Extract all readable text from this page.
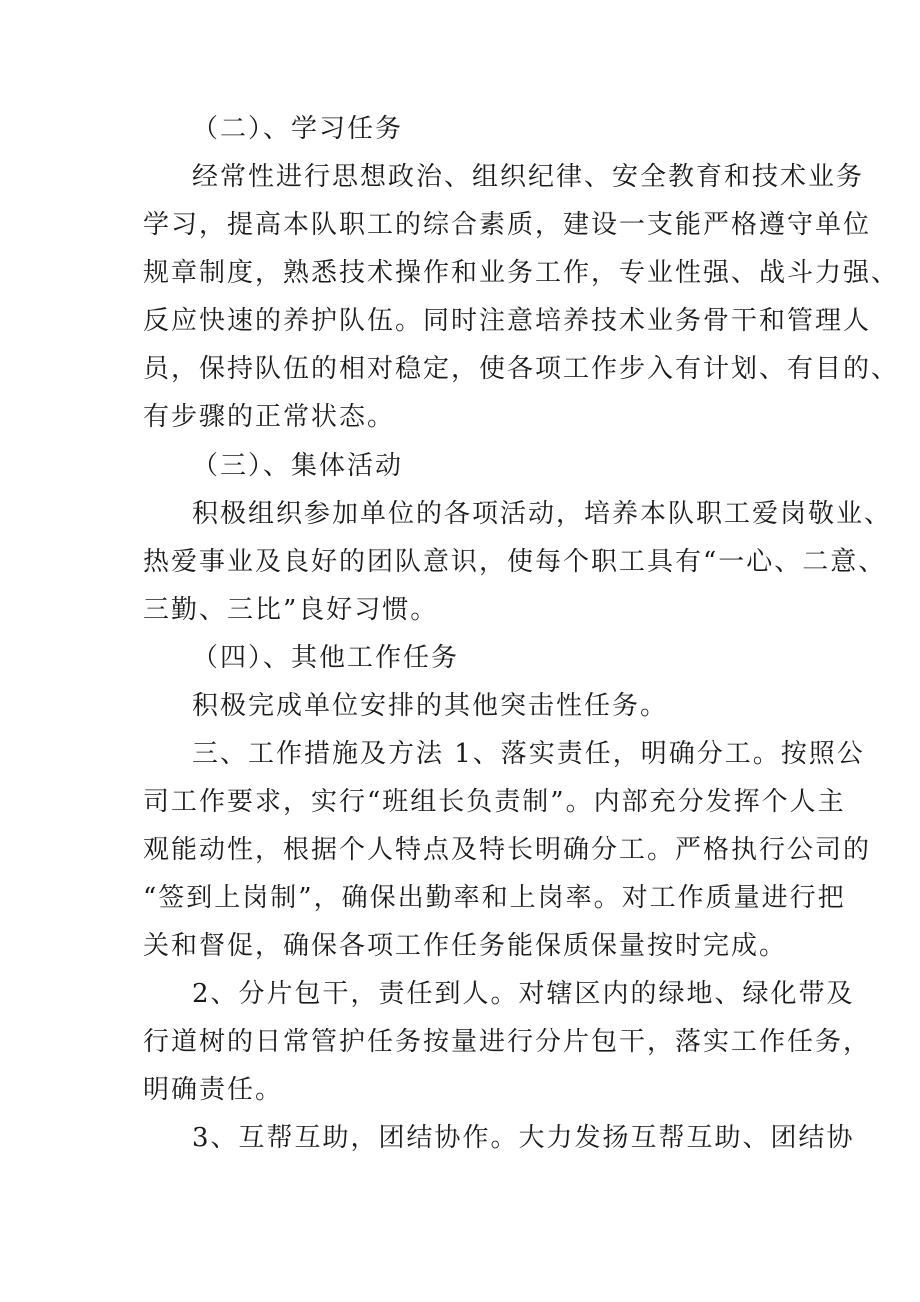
（二）、学习任务
经常性进行思想政治、组织纪律、安全教育和技术业务
学习，提高本队职工的综合素质，建设一支能严格遵守单位
规章制度，熟悉技术操作和业务工作，专业性强、战斗力强、
反应快速的养护队伍。同时注意培养技术业务骨干和管理人
员，保持队伍的相对稳定，使各项工作步入有计划、有目的、
有步骤的正常状态。
（三）、集体活动
积极组织参加单位的各项活动，培养本队职工爱岗敬业、
热爱事业及良好的团队意识，使每个职工具有“一心、二意、
三勤、三比”良好习惯。
（四）、其他工作任务
积极完成单位安排的其他突击性任务。
三、工作措施及方法 1、落实责任，明确分工。按照公
司工作要求，实行“班组长负责制”。内部充分发挥个人主
观能动性，根据个人特点及特长明确分工。严格执行公司的
“签到上岗制”，确保出勤率和上岗率。对工作质量进行把
关和督促，确保各项工作任务能保质保量按时完成。
2、分片包干，责任到人。对辖区内的绿地、绿化带及
行道树的日常管护任务按量进行分片包干，落实工作任务，
明确责任。
3、互帮互助，团结协作。大力发扬互帮互助、团结协
